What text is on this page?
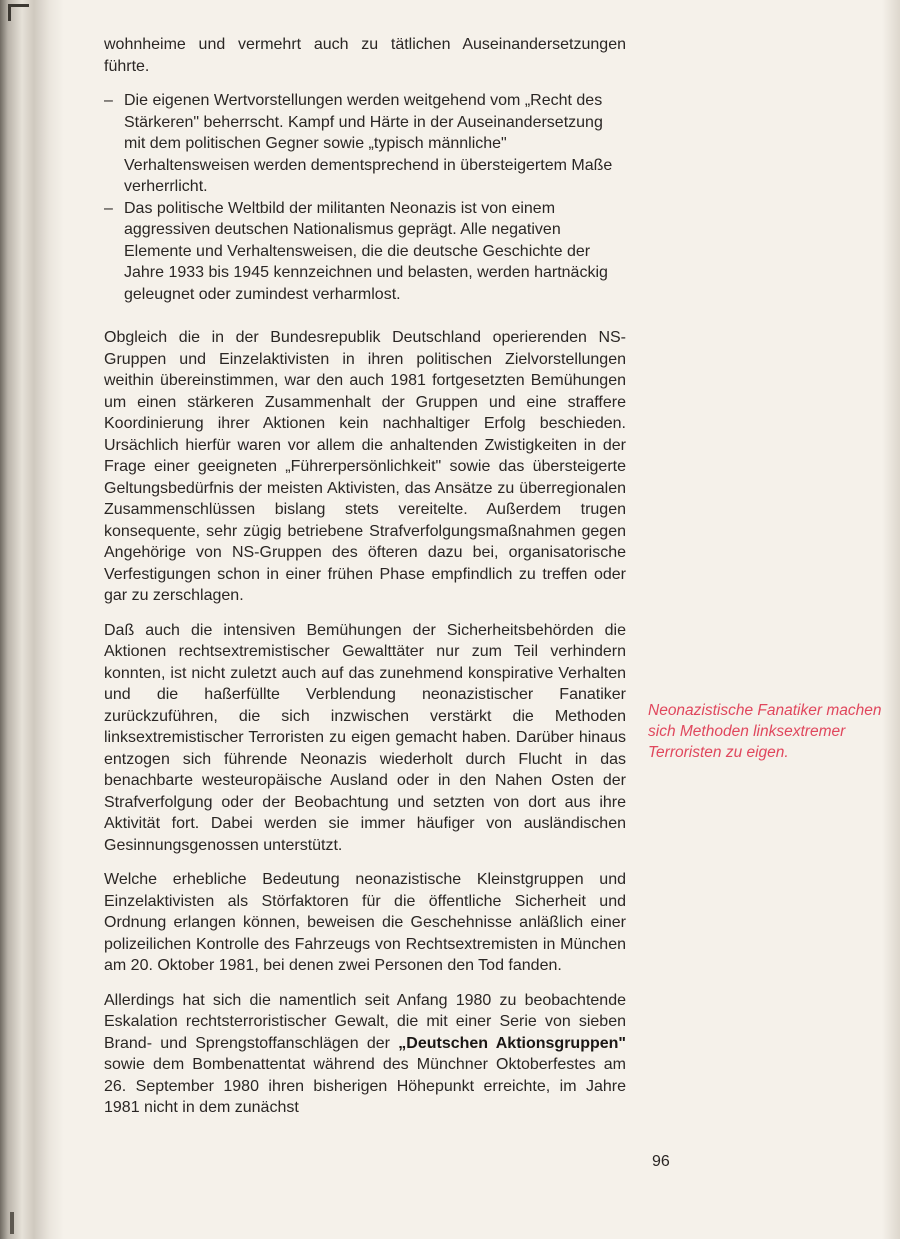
wohnheime und vermehrt auch zu tätlichen Auseinandersetzungen führte.

– Die eigenen Wertvorstellungen werden weitgehend vom „Recht des Stärkeren" beherrscht. Kampf und Härte in der Auseinandersetzung mit dem politischen Gegner sowie „typisch männliche" Verhaltensweisen werden dementsprechend in übersteigertem Maße verherrlicht.
– Das politische Weltbild der militanten Neonazis ist von einem aggressiven deutschen Nationalismus geprägt. Alle negativen Elemente und Verhaltensweisen, die die deutsche Geschichte der Jahre 1933 bis 1945 kennzeichnen und belasten, werden hartnäckig geleugnet oder zumindest verharmlost.

Obgleich die in der Bundesrepublik Deutschland operierenden NS-Gruppen und Einzelaktivisten in ihren politischen Zielvorstellungen weithin übereinstimmen, war den auch 1981 fortgesetzten Bemühungen um einen stärkeren Zusammenhalt der Gruppen und eine straffere Koordinierung ihrer Aktionen kein nachhaltiger Erfolg beschieden. Ursächlich hierfür waren vor allem die anhaltenden Zwistigkeiten in der Frage einer geeigneten „Führerpersönlichkeit" sowie das übersteigerte Geltungsbedürfnis der meisten Aktivisten, das Ansätze zu überregionalen Zusammenschlüssen bislang stets vereitelte. Außerdem trugen konsequente, sehr zügig betriebene Strafverfolgungsmaßnahmen gegen Angehörige von NS-Gruppen des öfteren dazu bei, organisatorische Verfestigungen schon in einer frühen Phase empfindlich zu treffen oder gar zu zerschlagen.

Daß auch die intensiven Bemühungen der Sicherheitsbehörden die Aktionen rechtsextremistischer Gewalttäter nur zum Teil verhindern konnten, ist nicht zuletzt auch auf das zunehmend konspirative Verhalten und die haßerfüllte Verblendung neonazistischer Fanatiker zurückzuführen, die sich inzwischen verstärkt die Methoden linksextremistischer Terroristen zu eigen gemacht haben. Darüber hinaus entzogen sich führende Neonazis wiederholt durch Flucht in das benachbarte westeuropäische Ausland oder in den Nahen Osten der Strafverfolgung oder der Beobachtung und setzten von dort aus ihre Aktivität fort. Dabei werden sie immer häufiger von ausländischen Gesinnungsgenossen unterstützt.

Welche erhebliche Bedeutung neonazistische Kleinstgruppen und Einzelaktivisten als Störfaktoren für die öffentliche Sicherheit und Ordnung erlangen können, beweisen die Geschehnisse anläßlich einer polizeilichen Kontrolle des Fahrzeugs von Rechtsextremisten in München am 20. Oktober 1981, bei denen zwei Personen den Tod fanden.

Allerdings hat sich die namentlich seit Anfang 1980 zu beobachtende Eskalation rechtsterroristischer Gewalt, die mit einer Serie von sieben Brand- und Sprengstoffanschlägen der „Deutschen Aktionsgruppen" sowie dem Bombenattentat während des Münchner Oktoberfestes am 26. September 1980 ihren bisherigen Höhepunkt erreichte, im Jahre 1981 nicht in dem zunächst

Neonazistische Fanatiker machen sich Methoden linksextremer Terroristen zu eigen.

96
